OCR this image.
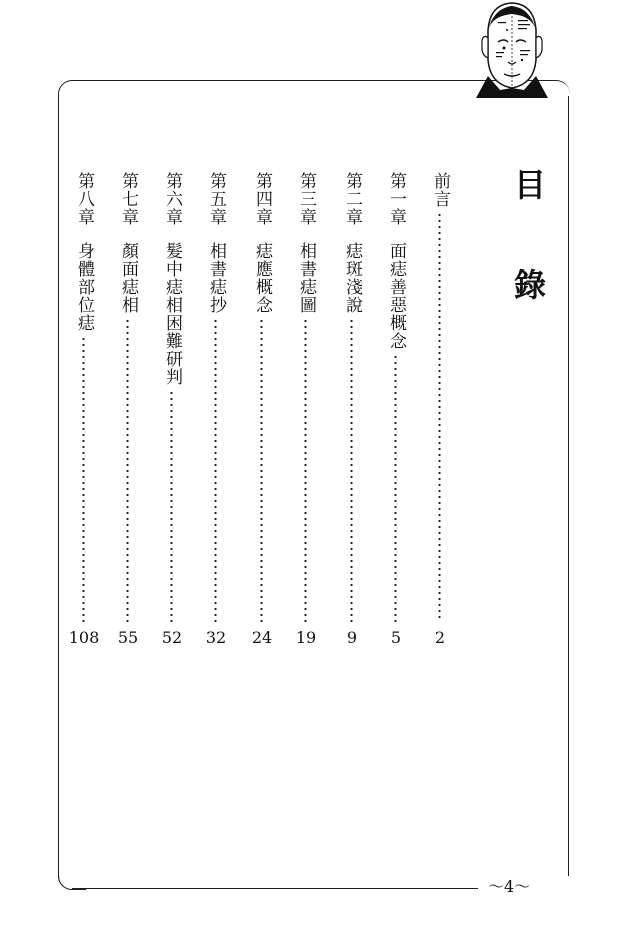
目　錄
前言
2
第一章面痣善惡概念
5
第二章痣斑淺說
9
第三章相書痣圖
19
第四章痣應概念
24
第五章相書痣抄
32
第六章髮中痣相困難研判
52
第七章顏面痣相
55
第八章身體部位痣
108
～4～
